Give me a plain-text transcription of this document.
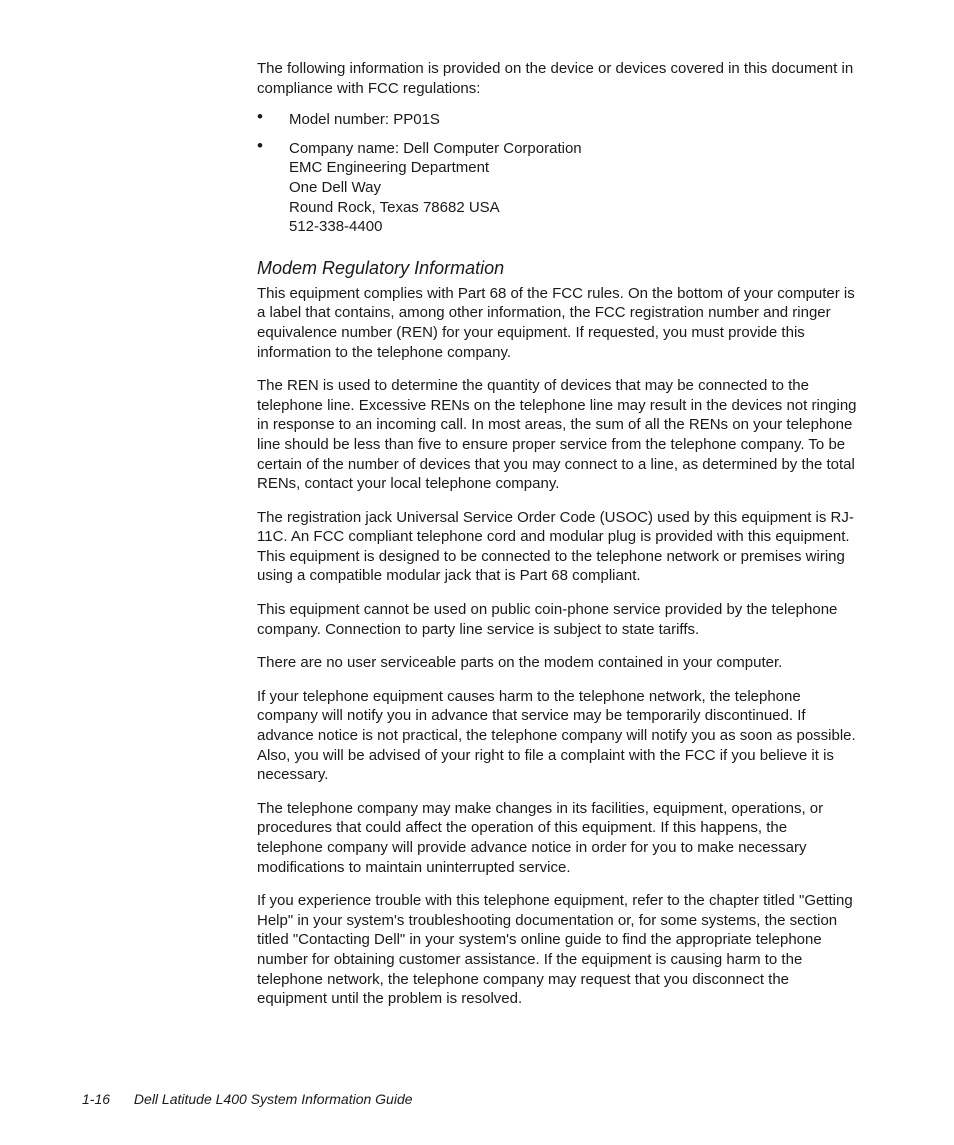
The following information is provided on the device or devices covered in this document in compliance with FCC regulations:

• Model number: PP01S
• Company name: Dell Computer Corporation
EMC Engineering Department
One Dell Way
Round Rock, Texas 78682 USA
512-338-4400
Modem Regulatory Information

This equipment complies with Part 68 of the FCC rules. On the bottom of your computer is a label that contains, among other information, the FCC registration number and ringer equivalence number (REN) for your equipment. If requested, you must provide this information to the telephone company.

The REN is used to determine the quantity of devices that may be connected to the telephone line. Excessive RENs on the telephone line may result in the devices not ringing in response to an incoming call. In most areas, the sum of all the RENs on your telephone line should be less than five to ensure proper service from the telephone company. To be certain of the number of devices that you may connect to a line, as determined by the total RENs, contact your local telephone company.

The registration jack Universal Service Order Code (USOC) used by this equipment is RJ-11C. An FCC compliant telephone cord and modular plug is provided with this equipment. This equipment is designed to be connected to the telephone network or premises wiring using a compatible modular jack that is Part 68 compliant.

This equipment cannot be used on public coin-phone service provided by the telephone company. Connection to party line service is subject to state tariffs.

There are no user serviceable parts on the modem contained in your computer.

If your telephone equipment causes harm to the telephone network, the telephone company will notify you in advance that service may be temporarily discontinued. If advance notice is not practical, the telephone company will notify you as soon as possible. Also, you will be advised of your right to file a complaint with the FCC if you believe it is necessary.

The telephone company may make changes in its facilities, equipment, operations, or procedures that could affect the operation of this equipment. If this happens, the telephone company will provide advance notice in order for you to make necessary modifications to maintain uninterrupted service.

If you experience trouble with this telephone equipment, refer to the chapter titled "Getting Help" in your system's troubleshooting documentation or, for some systems, the section titled "Contacting Dell" in your system's online guide to find the appropriate telephone number for obtaining customer assistance. If the equipment is causing harm to the telephone network, the telephone company may request that you disconnect the equipment until the problem is resolved.

1-16 Dell Latitude L400 System Information Guide
